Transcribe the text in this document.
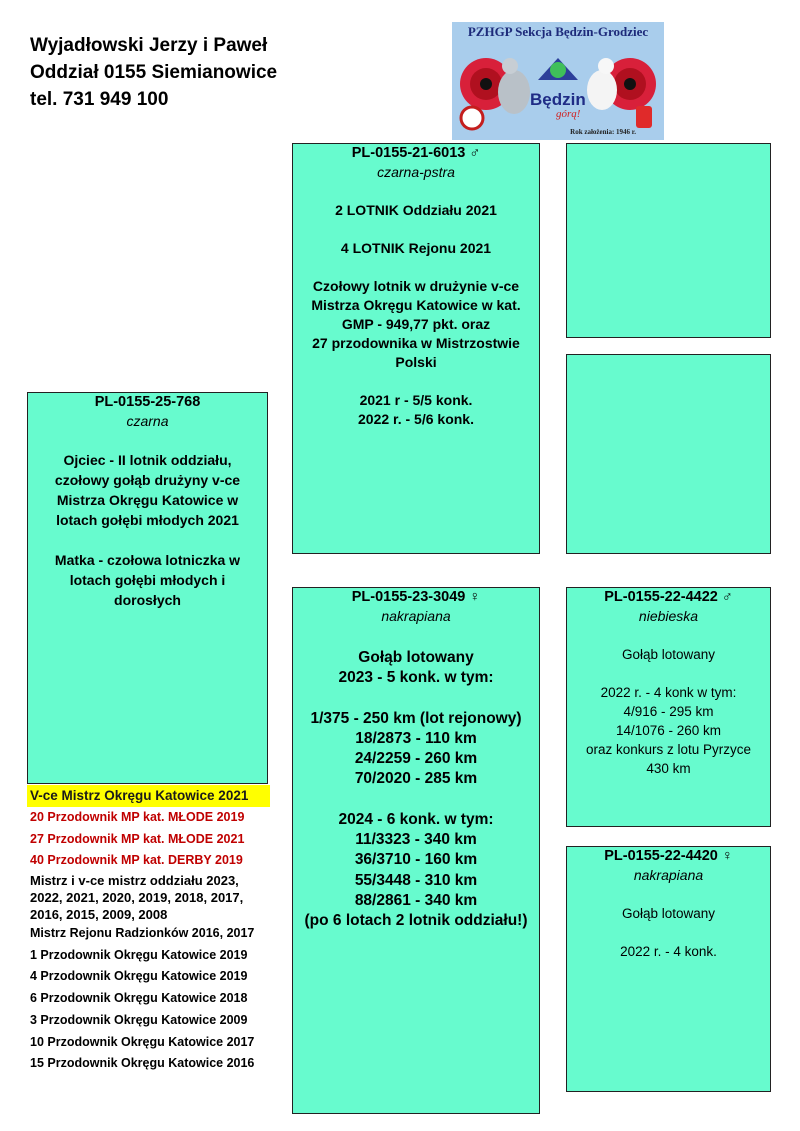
Wyjadłowski Jerzy i Paweł
Oddział 0155 Siemianowice
tel. 731 949 100
PZHGP Sekcja Będzin-Grodziec
Będzin
górą!
Rok założenia: 1946 r.
PL-0155-21-6013 ♂
czarna-pstra
2 LOTNIK Oddziału 2021
4 LOTNIK Rejonu 2021
Czołowy lotnik w drużynie v-ce
Mistrza Okręgu Katowice w kat.
GMP - 949,77 pkt. oraz
27 przodownika w Mistrzostwie
Polski
2021 r - 5/5 konk.
2022 r. - 5/6 konk.
PL-0155-25-768
czarna
Ojciec - II lotnik oddziału,
czołowy gołąb drużyny v-ce
Mistrza Okręgu Katowice w
lotach gołębi młodych 2021
Matka - czołowa lotniczka w
lotach gołębi młodych i
dorosłych	PL-0155-23-3049 ♀
nakrapiana
Gołąb lotowany
2023 - 5 konk. w tym:
1/375 - 250 km (lot rejonowy)
18/2873 - 110 km
24/2259 - 260 km
70/2020 - 285 km
2024 - 6 konk. w tym:
11/3323 - 340 km
36/3710 - 160 km
55/3448 - 310 km
88/2861 - 340 km
(po 6 lotach 2 lotnik oddziału!)
PL-0155-22-4422 ♂
niebieska
Gołąb lotowany
2022 r. - 4 konk w tym:
4/916 - 295 km
14/1076 - 260 km
oraz konkurs z lotu Pyrzyce
430 km
PL-0155-22-4420 ♀
nakrapiana
Gołąb lotowany
2022 r. - 4 konk.
V-ce Mistrz Okręgu Katowice 2021
20 Przodownik MP kat. MŁODE 2019
27 Przodownik MP kat. MŁODE 2021
40 Przodownik MP kat. DERBY 2019
Mistrz i v-ce mistrz oddziału 2023, 2022, 2021, 2020, 2019, 2018, 2017, 2016, 2015, 2009, 2008
Mistrz Rejonu Radzionków 2016, 2017
1 Przodownik Okręgu Katowice 2019
4 Przodownik Okręgu Katowice 2019
6 Przodownik Okręgu Katowice 2018
3 Przodownik Okręgu Katowice 2009
10 Przodownik Okręgu Katowice 2017
15 Przodownik Okręgu Katowice 2016
